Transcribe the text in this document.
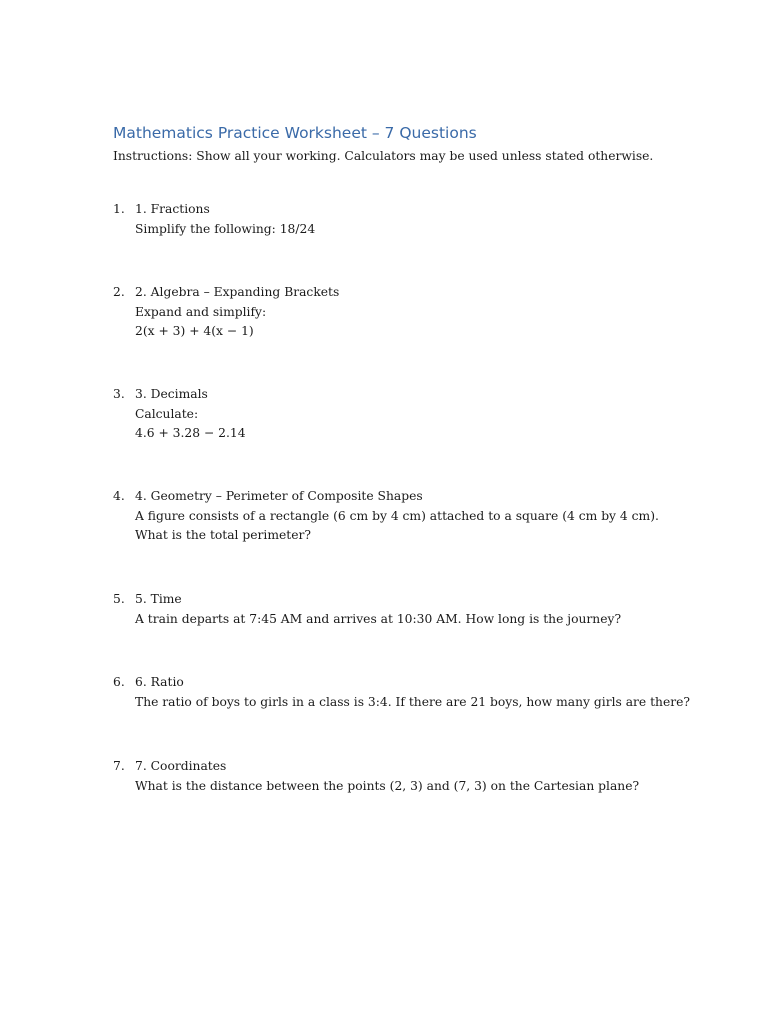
Mathematics Practice Worksheet – 7 Questions
Instructions: Show all your working. Calculators may be used unless stated otherwise.
1. 1. Fractions
Simplify the following: 18/24
2. 2. Algebra – Expanding Brackets
Expand and simplify:
2(x + 3) + 4(x − 1)
3. 3. Decimals
Calculate:
4.6 + 3.28 − 2.14
4. 4. Geometry – Perimeter of Composite Shapes
A figure consists of a rectangle (6 cm by 4 cm) attached to a square (4 cm by 4 cm).
What is the total perimeter?
5. 5. Time
A train departs at 7:45 AM and arrives at 10:30 AM. How long is the journey?
6. 6. Ratio
The ratio of boys to girls in a class is 3:4. If there are 21 boys, how many girls are there?
7. 7. Coordinates
What is the distance between the points (2, 3) and (7, 3) on the Cartesian plane?
